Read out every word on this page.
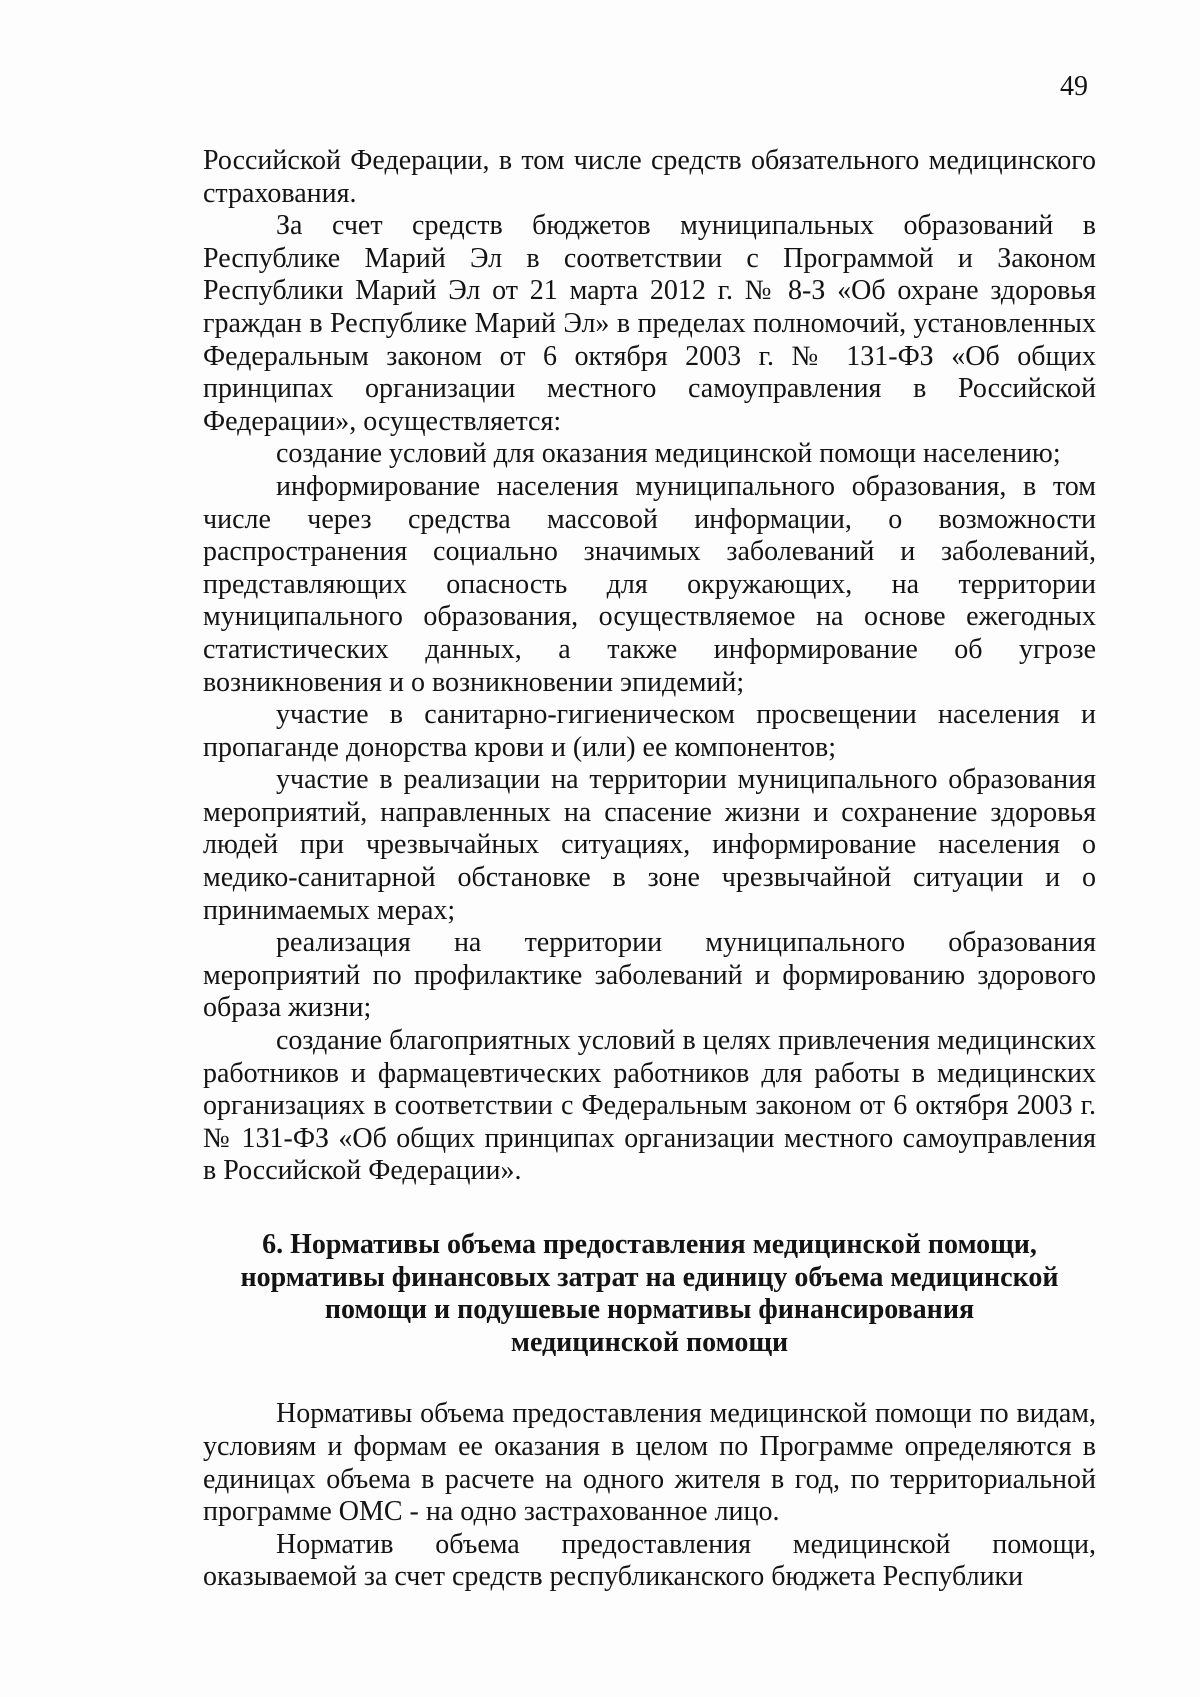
49

Российской Федерации, в том числе средств обязательного медицинского страхования.

За счет средств бюджетов муниципальных образований в Республике Марий Эл в соответствии с Программой и Законом Республики Марий Эл от 21 марта 2012 г. № 8-З «Об охране здоровья граждан в Республике Марий Эл» в пределах полномочий, установленных Федеральным законом от 6 октября 2003 г. № 131-ФЗ «Об общих принципах организации местного самоуправления в Российской Федерации», осуществляется:

создание условий для оказания медицинской помощи населению;

информирование населения муниципального образования, в том числе через средства массовой информации, о возможности распространения социально значимых заболеваний и заболеваний, представляющих опасность для окружающих, на территории муниципального образования, осуществляемое на основе ежегодных статистических данных, а также информирование об угрозе возникновения и о возникновении эпидемий;

участие в санитарно-гигиеническом просвещении населения и пропаганде донорства крови и (или) ее компонентов;

участие в реализации на территории муниципального образования мероприятий, направленных на спасение жизни и сохранение здоровья людей при чрезвычайных ситуациях, информирование населения о медико-санитарной обстановке в зоне чрезвычайной ситуации и о принимаемых мерах;

реализация на территории муниципального образования мероприятий по профилактике заболеваний и формированию здорового образа жизни;

создание благоприятных условий в целях привлечения медицинских работников и фармацевтических работников для работы в медицинских организациях в соответствии с Федеральным законом от 6 октября 2003 г. № 131-ФЗ «Об общих принципах организации местного самоуправления в Российской Федерации».

6. Нормативы объема предоставления медицинской помощи,
нормативы финансовых затрат на единицу объема медицинской
помощи и подушевые нормативы финансирования
медицинской помощи

Нормативы объема предоставления медицинской помощи по видам, условиям и формам ее оказания в целом по Программе определяются в единицах объема в расчете на одного жителя в год, по территориальной программе ОМС - на одно застрахованное лицо.

Норматив объема предоставления медицинской помощи, оказываемой за счет средств республиканского бюджета Республики
